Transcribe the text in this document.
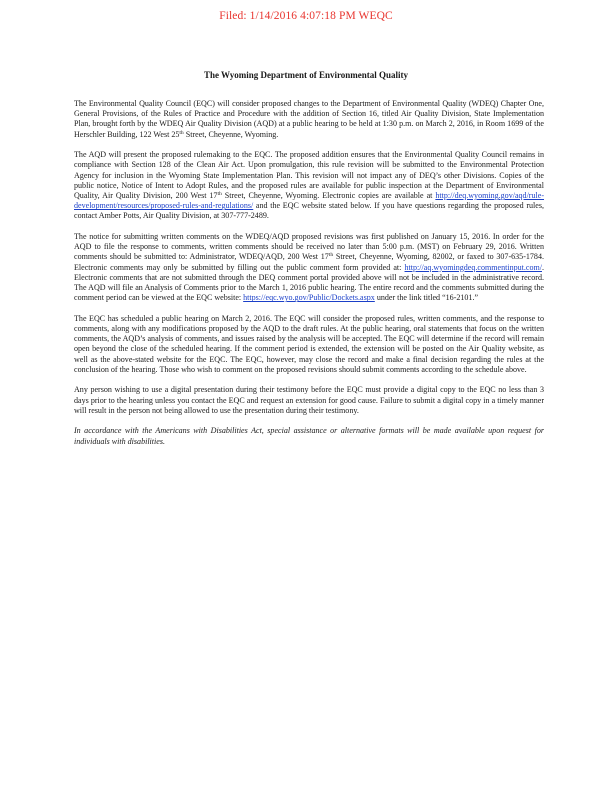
Filed: 1/14/2016 4:07:18 PM WEQC
The Wyoming Department of Environmental Quality

The Environmental Quality Council (EQC) will consider proposed changes to the Department of Environmental Quality (WDEQ) Chapter One, General Provisions, of the Rules of Practice and Procedure with the addition of Section 16, titled Air Quality Division, State Implementation Plan, brought forth by the WDEQ Air Quality Division (AQD) at a public hearing to be held at 1:30 p.m. on March 2, 2016, in Room 1699 of the Herschler Building, 122 West 25th Street, Cheyenne, Wyoming.

The AQD will present the proposed rulemaking to the EQC. The proposed addition ensures that the Environmental Quality Council remains in compliance with Section 128 of the Clean Air Act. Upon promulgation, this rule revision will be submitted to the Environmental Protection Agency for inclusion in the Wyoming State Implementation Plan. This revision will not impact any of DEQ’s other Divisions. Copies of the public notice, Notice of Intent to Adopt Rules, and the proposed rules are available for public inspection at the Department of Environmental Quality, Air Quality Division, 200 West 17th Street, Cheyenne, Wyoming. Electronic copies are available at http://deq.wyoming.gov/aqd/rule-development/resources/proposed-rules-and-regulations/ and the EQC website stated below. If you have questions regarding the proposed rules, contact Amber Potts, Air Quality Division, at 307-777-2489.

The notice for submitting written comments on the WDEQ/AQD proposed revisions was first published on January 15, 2016. In order for the AQD to file the response to comments, written comments should be received no later than 5:00 p.m. (MST) on February 29, 2016. Written comments should be submitted to: Administrator, WDEQ/AQD, 200 West 17th Street, Cheyenne, Wyoming, 82002, or faxed to 307-635-1784. Electronic comments may only be submitted by filling out the public comment form provided at: http://aq.wyomingdeq.commentinput.com/. Electronic comments that are not submitted through the DEQ comment portal provided above will not be included in the administrative record. The AQD will file an Analysis of Comments prior to the March 1, 2016 public hearing. The entire record and the comments submitted during the comment period can be viewed at the EQC website: https://eqc.wyo.gov/Public/Dockets.aspx under the link titled “16-2101.”

The EQC has scheduled a public hearing on March 2, 2016. The EQC will consider the proposed rules, written comments, and the response to comments, along with any modifications proposed by the AQD to the draft rules. At the public hearing, oral statements that focus on the written comments, the AQD’s analysis of comments, and issues raised by the analysis will be accepted. The EQC will determine if the record will remain open beyond the close of the scheduled hearing. If the comment period is extended, the extension will be posted on the Air Quality website, as well as the above-stated website for the EQC. The EQC, however, may close the record and make a final decision regarding the rules at the conclusion of the hearing. Those who wish to comment on the proposed revisions should submit comments according to the schedule above.

Any person wishing to use a digital presentation during their testimony before the EQC must provide a digital copy to the EQC no less than 3 days prior to the hearing unless you contact the EQC and request an extension for good cause. Failure to submit a digital copy in a timely manner will result in the person not being allowed to use the presentation during their testimony.

In accordance with the Americans with Disabilities Act, special assistance or alternative formats will be made available upon request for individuals with disabilities.
